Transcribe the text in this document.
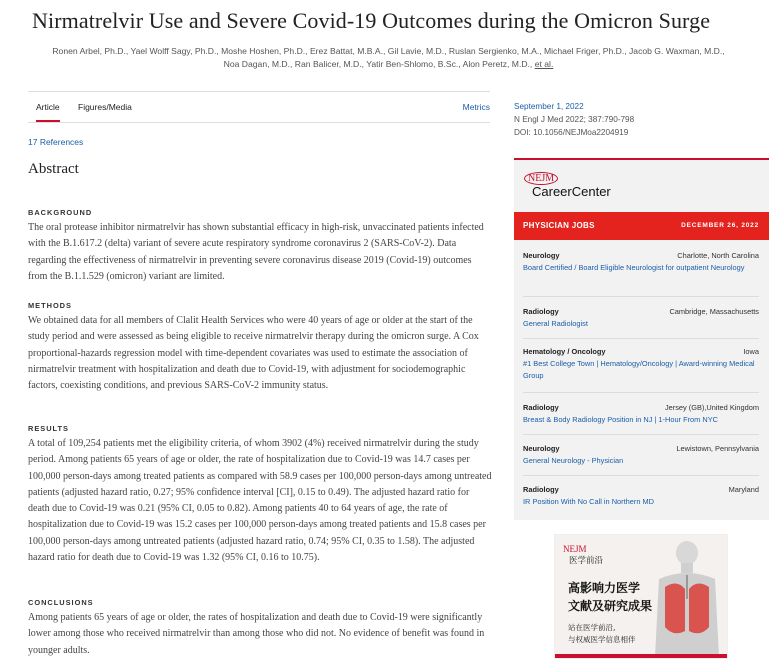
Nirmatrelvir Use and Severe Covid-19 Outcomes during the Omicron Surge
Ronen Arbel, Ph.D., Yael Wolff Sagy, Ph.D., Moshe Hoshen, Ph.D., Erez Battat, M.B.A., Gil Lavie, M.D., Ruslan Sergienko, M.A., Michael Friger, Ph.D., Jacob G. Waxman, M.D.,
Noa Dagan, M.D., Ran Balicer, M.D., Yatir Ben-Shlomo, B.Sc., Alon Peretz, M.D., et al.
Article Figures/Media	Metrics
17 References
Abstract
BACKGROUND
The oral protease inhibitor nirmatrelvir has shown substantial efficacy in high-risk, unvaccinated patients infected with the B.1.617.2 (delta) variant of severe acute respiratory syndrome coronavirus 2 (SARS-CoV-2). Data regarding the effectiveness of nirmatrelvir in preventing severe coronavirus disease 2019 (Covid-19) outcomes from the B.1.1.529 (omicron) variant are limited.
METHODS
We obtained data for all members of Clalit Health Services who were 40 years of age or older at the start of the study period and were assessed as being eligible to receive nirmatrelvir therapy during the omicron surge. A Cox proportional-hazards regression model with time-dependent covariates was used to estimate the association of nirmatrelvir treatment with hospitalization and death due to Covid-19, with adjustment for sociodemographic factors, coexisting conditions, and previous SARS-CoV-2 immunity status.
RESULTS
A total of 109,254 patients met the eligibility criteria, of whom 3902 (4%) received nirmatrelvir during the study period. Among patients 65 years of age or older, the rate of hospitalization due to Covid-19 was 14.7 cases per 100,000 person-days among treated patients as compared with 58.9 cases per 100,000 person-days among untreated patients (adjusted hazard ratio, 0.27; 95% confidence interval [CI], 0.15 to 0.49). The adjusted hazard ratio for death due to Covid-19 was 0.21 (95% CI, 0.05 to 0.82). Among patients 40 to 64 years of age, the rate of hospitalization due to Covid-19 was 15.2 cases per 100,000 person-days among treated patients and 15.8 cases per 100,000 person-days among untreated patients (adjusted hazard ratio, 0.74; 95% CI, 0.35 to 1.58). The adjusted hazard ratio for death due to Covid-19 was 1.32 (95% CI, 0.16 to 10.75).
CONCLUSIONS
Among patients 65 years of age or older, the rates of hospitalization and death due to Covid-19 were significantly lower among those who received nirmatrelvir than among those who did not. No evidence of benefit was found in younger adults.
September 1, 2022
N Engl J Med 2022; 387:790-798
DOI: 10.1056/NEJMoa2204919
NEJM
CareerCenter
PHYSICIAN JOBS	DECEMBER 26, 2022
Neurology	Charlotte, North Carolina
Board Certified / Board Eligible Neurologist for outpatient Neurology
Radiology	Cambridge, Massachusetts
General Radiologist
Hematology / Oncology	Iowa
#1 Best College Town | Hematology/Oncology | Award-winning Medical Group
Radiology	Jersey (GB),United Kingdom
Breast & Body Radiology Position in NJ | 1-Hour From NYC
Neurology	Lewistown, Pennsylvania
General Neurology - Physician
Radiology	Maryland
IR Position With No Call in Northern MD
NEJM
医学前沿
高影响力医学
文献及研究成果
站在医学前沿,
与权威医学信息相伴
